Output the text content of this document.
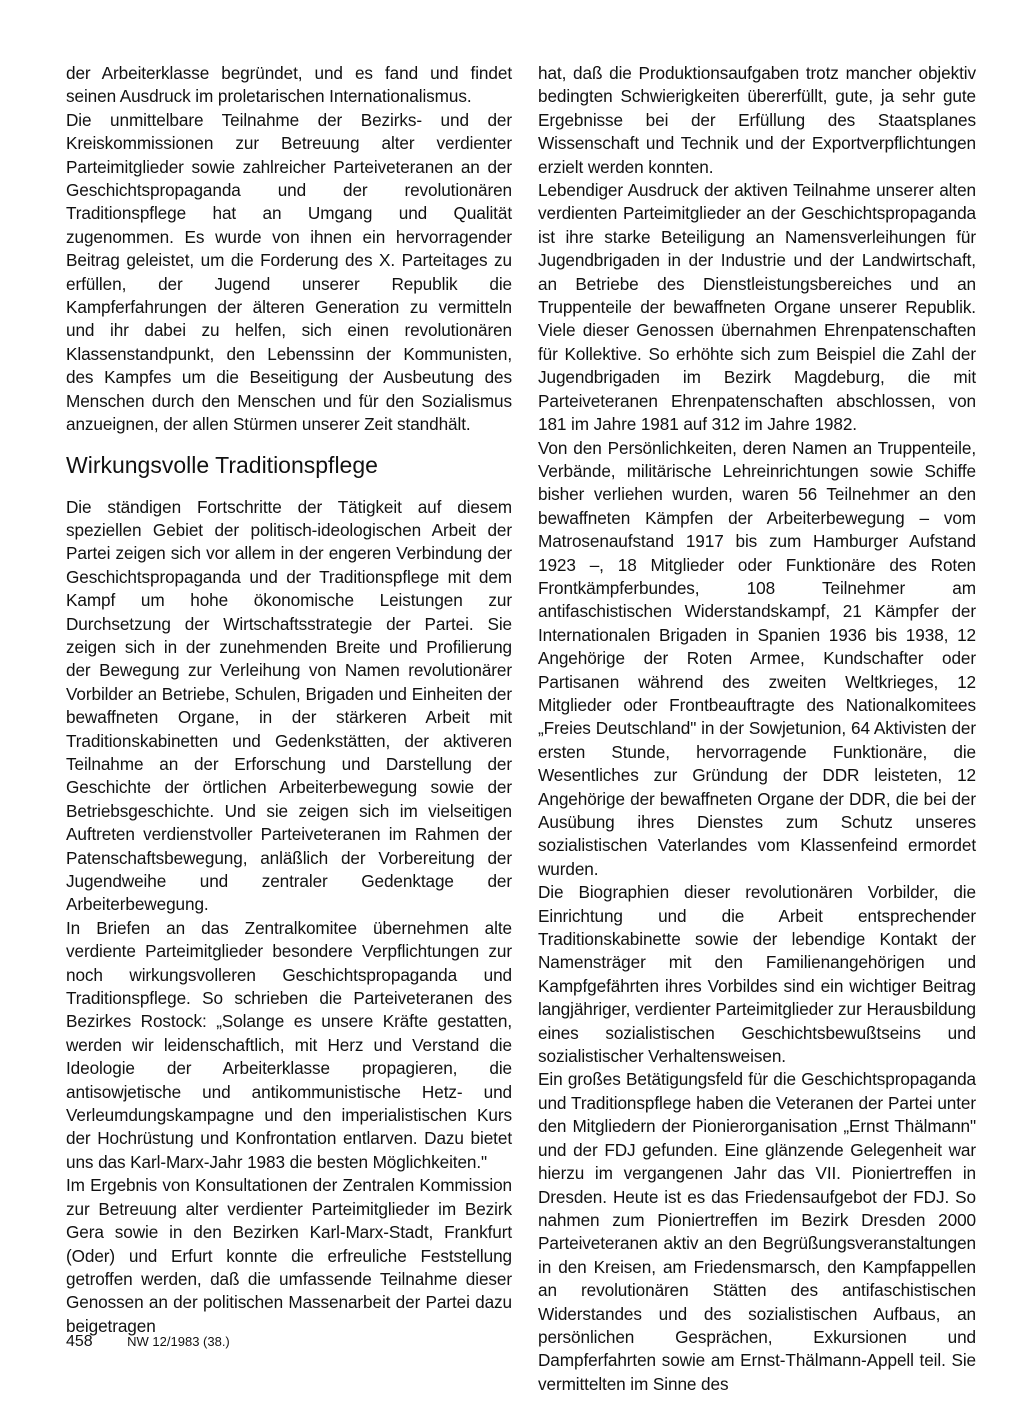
der Arbeiterklasse begründet, und es fand und findet seinen Ausdruck im proletarischen Internationalismus.

Die unmittelbare Teilnahme der Bezirks- und der Kreiskommissionen zur Betreuung alter verdienter Parteimitglieder sowie zahlreicher Parteiveteranen an der Geschichtspropaganda und der revolutionären Traditionspflege hat an Umgang und Qualität zugenommen. Es wurde von ihnen ein hervorragender Beitrag geleistet, um die Forderung des X. Parteitages zu erfüllen, der Jugend unserer Republik die Kampferfahrungen der älteren Generation zu vermitteln und ihr dabei zu helfen, sich einen revolutionären Klassenstandpunkt, den Lebenssinn der Kommunisten, des Kampfes um die Beseitigung der Ausbeutung des Menschen durch den Menschen und für den Sozialismus anzueignen, der allen Stürmen unserer Zeit standhält.

Wirkungsvolle Traditionspflege

Die ständigen Fortschritte der Tätigkeit auf diesem speziellen Gebiet der politisch-ideologischen Arbeit der Partei zeigen sich vor allem in der engeren Verbindung der Geschichtspropaganda und der Traditionspflege mit dem Kampf um hohe ökonomische Leistungen zur Durchsetzung der Wirtschaftsstrategie der Partei. Sie zeigen sich in der zunehmenden Breite und Profilierung der Bewegung zur Verleihung von Namen revolutionärer Vorbilder an Betriebe, Schulen, Brigaden und Einheiten der bewaffneten Organe, in der stärkeren Arbeit mit Traditionskabinetten und Gedenkstätten, der aktiveren Teilnahme an der Erforschung und Darstellung der Geschichte der örtlichen Arbeiterbewegung sowie der Betriebsgeschichte. Und sie zeigen sich im vielseitigen Auftreten verdienstvoller Parteiveteranen im Rahmen der Patenschaftsbewegung, anläßlich der Vorbereitung der Jugendweihe und zentraler Gedenktage der Arbeiterbewegung.

In Briefen an das Zentralkomitee übernehmen alte verdiente Parteimitglieder besondere Verpflichtungen zur noch wirkungsvolleren Geschichtspropaganda und Traditionspflege. So schrieben die Parteiveteranen des Bezirkes Rostock: „Solange es unsere Kräfte gestatten, werden wir leidenschaftlich, mit Herz und Verstand die Ideologie der Arbeiterklasse propagieren, die antisowjetische und antikommunistische Hetz- und Verleumdungskampagne und den imperialistischen Kurs der Hochrüstung und Konfrontation entlarven. Dazu bietet uns das Karl-Marx-Jahr 1983 die besten Möglichkeiten."

Im Ergebnis von Konsultationen der Zentralen Kommission zur Betreuung alter verdienter Parteimitglieder im Bezirk Gera sowie in den Bezirken Karl-Marx-Stadt, Frankfurt (Oder) und Erfurt konnte die erfreuliche Feststellung getroffen werden, daß die umfassende Teilnahme dieser Genossen an der politischen Massenarbeit der Partei dazu beigetragen

hat, daß die Produktionsaufgaben trotz mancher objektiv bedingten Schwierigkeiten übererfüllt, gute, ja sehr gute Ergebnisse bei der Erfüllung des Staatsplanes Wissenschaft und Technik und der Exportverpflichtungen erzielt werden konnten.

Lebendiger Ausdruck der aktiven Teilnahme unserer alten verdienten Parteimitglieder an der Geschichtspropaganda ist ihre starke Beteiligung an Namensverleihungen für Jugendbrigaden in der Industrie und der Landwirtschaft, an Betriebe des Dienstleistungsbereiches und an Truppenteile der bewaffneten Organe unserer Republik. Viele dieser Genossen übernahmen Ehrenpatenschaften für Kollektive. So erhöhte sich zum Beispiel die Zahl der Jugendbrigaden im Bezirk Magdeburg, die mit Parteiveteranen Ehrenpatenschaften abschlossen, von 181 im Jahre 1981 auf 312 im Jahre 1982.

Von den Persönlichkeiten, deren Namen an Truppenteile, Verbände, militärische Lehreinrichtungen sowie Schiffe bisher verliehen wurden, waren 56 Teilnehmer an den bewaffneten Kämpfen der Arbeiterbewegung – vom Matrosenaufstand 1917 bis zum Hamburger Aufstand 1923 –, 18 Mitglieder oder Funktionäre des Roten Frontkämpferbundes, 108 Teilnehmer am antifaschistischen Widerstandskampf, 21 Kämpfer der Internationalen Brigaden in Spanien 1936 bis 1938, 12 Angehörige der Roten Armee, Kundschafter oder Partisanen während des zweiten Weltkrieges, 12 Mitglieder oder Frontbeauftragte des Nationalkomitees „Freies Deutschland" in der Sowjetunion, 64 Aktivisten der ersten Stunde, hervorragende Funktionäre, die Wesentliches zur Gründung der DDR leisteten, 12 Angehörige der bewaffneten Organe der DDR, die bei der Ausübung ihres Dienstes zum Schutz unseres sozialistischen Vaterlandes vom Klassenfeind ermordet wurden.

Die Biographien dieser revolutionären Vorbilder, die Einrichtung und die Arbeit entsprechender Traditionskabinette sowie der lebendige Kontakt der Namensträger mit den Familienangehörigen und Kampfgefährten ihres Vorbildes sind ein wichtiger Beitrag langjähriger, verdienter Parteimitglieder zur Herausbildung eines sozialistischen Geschichtsbewußtseins und sozialistischer Verhaltensweisen.

Ein großes Betätigungsfeld für die Geschichtspropaganda und Traditionspflege haben die Veteranen der Partei unter den Mitgliedern der Pionierorganisation „Ernst Thälmann" und der FDJ gefunden. Eine glänzende Gelegenheit war hierzu im vergangenen Jahr das VII. Pioniertreffen in Dresden. Heute ist es das Friedensaufgebot der FDJ. So nahmen zum Pioniertreffen im Bezirk Dresden 2000 Parteiveteranen aktiv an den Begrüßungsveranstaltungen in den Kreisen, am Friedensmarsch, den Kampfappellen an revolutionären Stätten des antifaschistischen Widerstandes und des sozialistischen Aufbaus, an persönlichen Gesprächen, Exkursionen und Dampferfahrten sowie am Ernst-Thälmann-Appell teil. Sie vermittelten im Sinne des

458	NW 12/1983 (38.)
